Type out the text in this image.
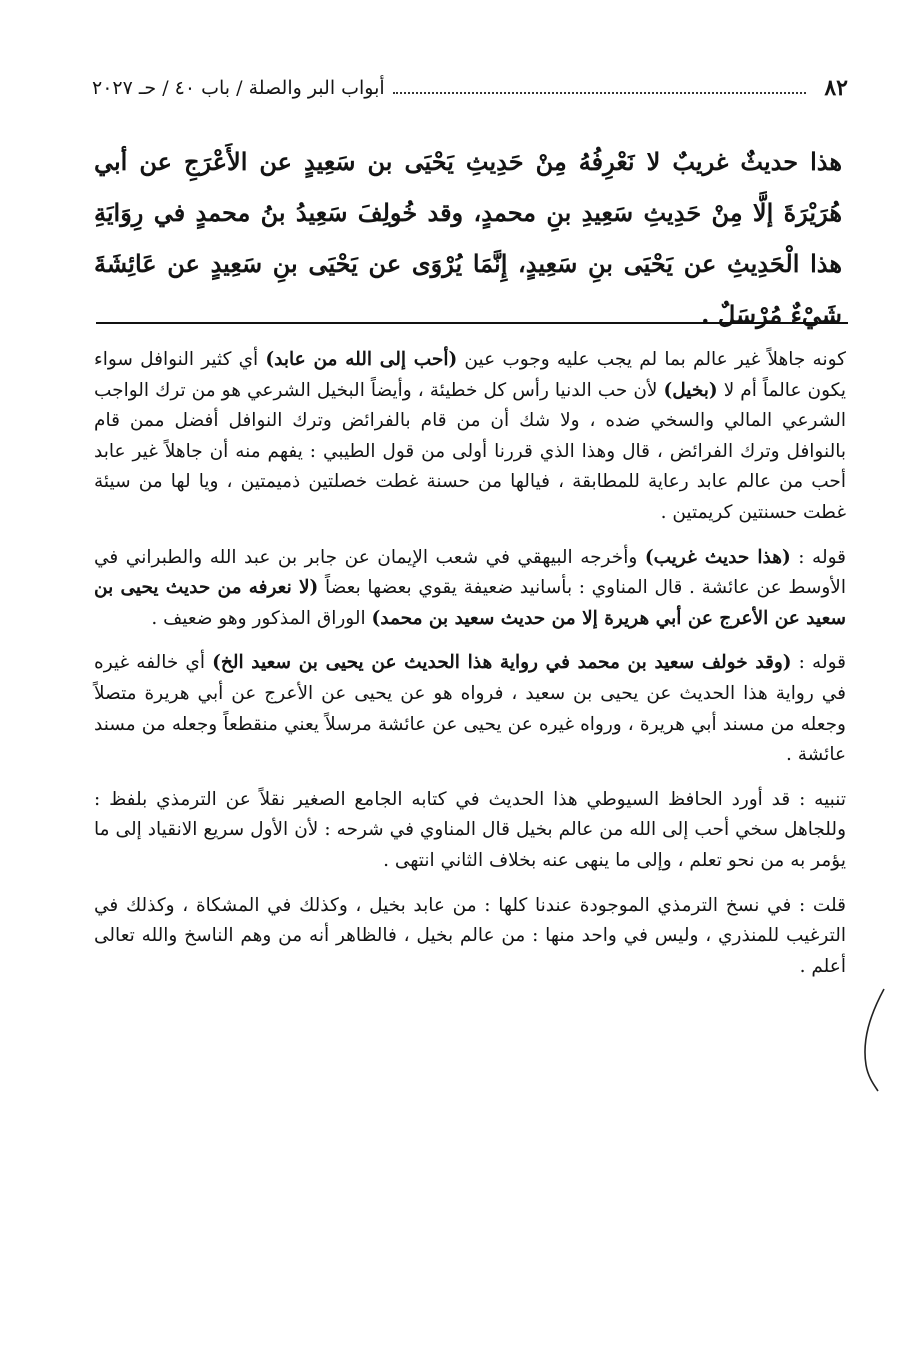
٨٢
أبواب البر والصلة / باب ٤٠ / حـ ٢٠٢٧

هذا حديثٌ غريبٌ لا نَعْرِفُهُ مِنْ حَدِيثِ يَحْيَى بن سَعِيدٍ عن الأَعْرَجِ عن أبي هُرَيْرَةَ إلَّا مِنْ حَدِيثِ سَعِيدِ بنِ محمدٍ، وقد خُولِفَ سَعِيدُ بنُ محمدٍ في رِوَايَةِ هذا الْحَدِيثِ عن يَحْيَى بنِ سَعِيدٍ، إِنَّمَا يُرْوَى عن يَحْيَى بنِ سَعِيدٍ عن عَائِشَةَ شَيْءٌ مُرْسَلٌ .

كونه جاهلاً غير عالم بما لم يجب عليه وجوب عين (أحب إلى الله من عابد) أي كثير النوافل سواء يكون عالماً أم لا (بخيل) لأن حب الدنيا رأس كل خطيئة ، وأيضاً البخيل الشرعي هو من ترك الواجب الشرعي المالي والسخي ضده ، ولا شك أن من قام بالفرائض وترك النوافل أفضل ممن قام بالنوافل وترك الفرائض ، قال وهذا الذي قررنا أولى من قول الطيبي : يفهم منه أن جاهلاً غير عابد أحب من عالم عابد رعاية للمطابقة ، فيالها من حسنة غطت خصلتين ذميمتين ، ويا لها من سيئة غطت حسنتين كريمتين .

قوله : (هذا حديث غريب) وأخرجه البيهقي في شعب الإيمان عن جابر بن عبد الله والطبراني في الأوسط عن عائشة . قال المناوي : بأسانيد ضعيفة يقوي بعضها بعضاً (لا نعرفه من حديث يحيى بن سعيد عن الأعرج عن أبي هريرة إلا من حديث سعيد بن محمد) الوراق المذكور وهو ضعيف .

قوله : (وقد خولف سعيد بن محمد في رواية هذا الحديث عن يحيى بن سعيد الخ) أي خالفه غيره في رواية هذا الحديث عن يحيى بن سعيد ، فرواه هو عن يحيى عن الأعرج عن أبي هريرة متصلاً وجعله من مسند أبي هريرة ، ورواه غيره عن يحيى عن عائشة مرسلاً يعني منقطعاً وجعله من مسند عائشة .

تنبيه : قد أورد الحافظ السيوطي هذا الحديث في كتابه الجامع الصغير نقلاً عن الترمذي بلفظ : وللجاهل سخي أحب إلى الله من عالم بخيل قال المناوي في شرحه : لأن الأول سريع الانقياد إلى ما يؤمر به من نحو تعلم ، وإلى ما ينهى عنه بخلاف الثاني انتهى .

قلت : في نسخ الترمذي الموجودة عندنا كلها : من عابد بخيل ، وكذلك في المشكاة ، وكذلك في الترغيب للمنذري ، وليس في واحد منها : من عالم بخيل ، فالظاهر أنه من وهم الناسخ والله تعالى أعلم .
